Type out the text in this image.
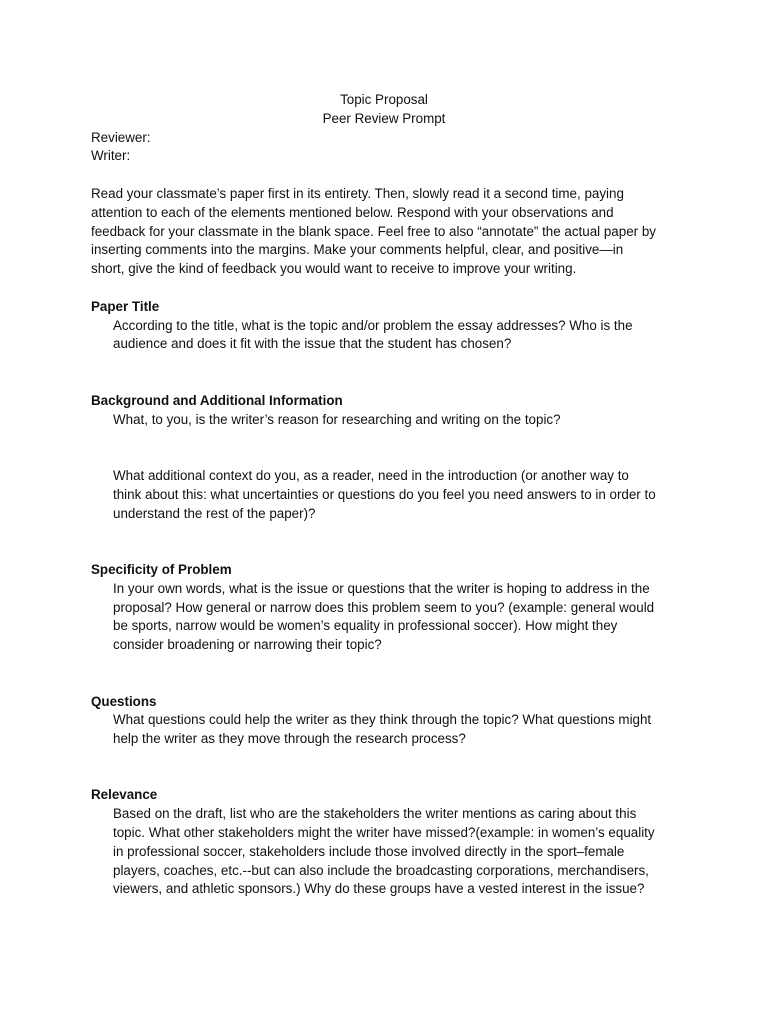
Topic Proposal
Peer Review Prompt
Reviewer:
Writer:
Read your classmate’s paper first in its entirety. Then, slowly read it a second time, paying
attention to each of the elements mentioned below. Respond with your observations and
feedback for your classmate in the blank space. Feel free to also “annotate” the actual paper by
inserting comments into the margins. Make your comments helpful, clear, and positive—in
short, give the kind of feedback you would want to receive to improve your writing.
Paper Title
According to the title, what is the topic and/or problem the essay addresses? Who is the
audience and does it fit with the issue that the student has chosen?
Background and Additional Information
What, to you, is the writer’s reason for researching and writing on the topic?
What additional context do you, as a reader, need in the introduction (or another way to
think about this: what uncertainties or questions do you feel you need answers to in order to
understand the rest of the paper)?
Specificity of Problem
In your own words, what is the issue or questions that the writer is hoping to address in the
proposal? How general or narrow does this problem seem to you? (example: general would
be sports, narrow would be women’s equality in professional soccer). How might they
consider broadening or narrowing their topic?
Questions
What questions could help the writer as they think through the topic? What questions might
help the writer as they move through the research process?
Relevance
Based on the draft, list who are the stakeholders the writer mentions as caring about this
topic. What other stakeholders might the writer have missed?(example: in women’s equality
in professional soccer, stakeholders include those involved directly in the sport–female
players, coaches, etc.--but can also include the broadcasting corporations, merchandisers,
viewers, and athletic sponsors.) Why do these groups have a vested interest in the issue?
